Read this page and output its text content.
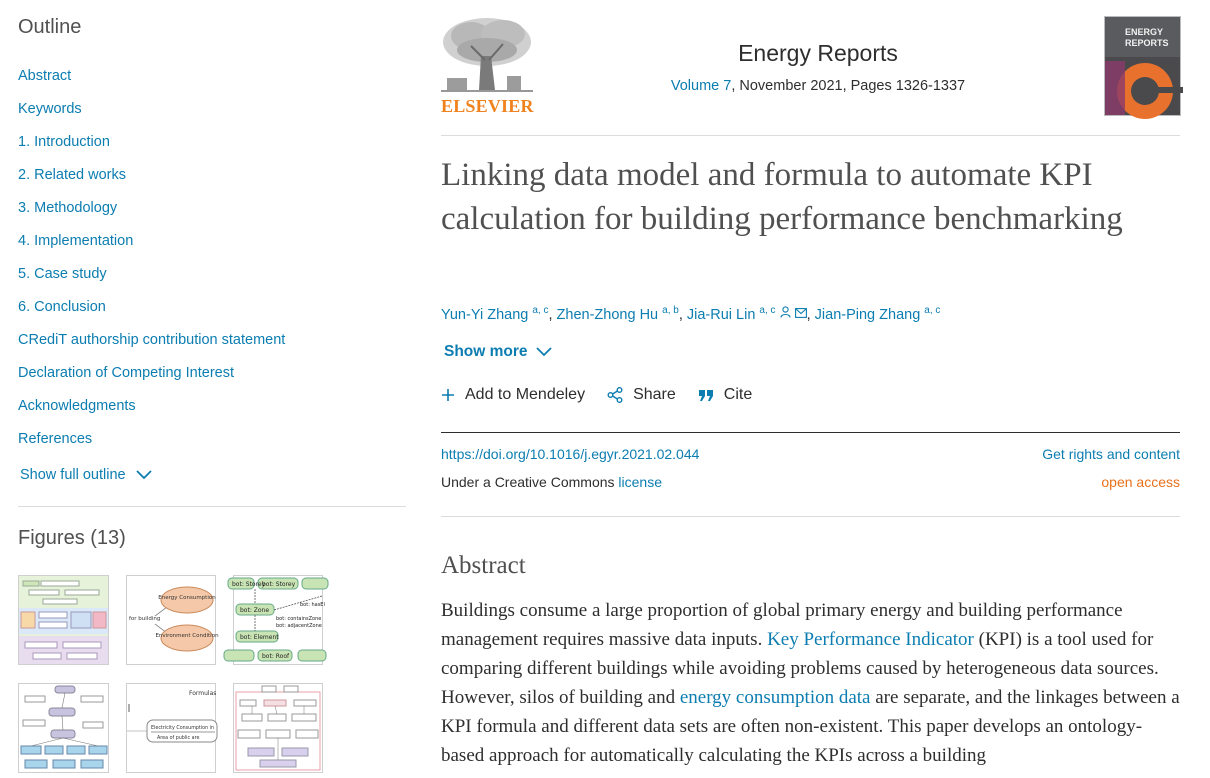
Outline
Abstract
Keywords
1. Introduction
2. Related works
3. Methodology
4. Implementation
5. Case study
6. Conclusion
CRediT authorship contribution statement
Declaration of Competing Interest
Acknowledgments
References
Show full outline
Figures (13)
Energy Consumption
Environment Condition
for building
bot: Storey
bot: Storey
bot: Zone
bot: Element
bot: Roof
bot: hasEl
bot: containsZone
bot: adjacentZone
Formulas
Electricity Consumption in
Area of public are
ELSEVIER
Energy Reports
Volume 7, November 2021, Pages 1326-1337
ENERGY
REPORTS
Linking data model and formula to automate KPI calculation for building performance benchmarking
Yun-Yi Zhang $^{a, c}$, Zhen-Zhong Hu $^{a, b}$, Jia-Rui Lin $^{a, c}$ , Jian-Ping Zhang $^{a, c}$
Show more
Add to Mendeley	Share	Cite
https://doi.org/10.1016/j.egyr.2021.02.044	Get rights and content
Under a Creative Commons license	open access
Abstract

Buildings consume a large proportion of global primary energy and building performance management requires massive data inputs. Key Performance Indicator (KPI) is a tool used for comparing different buildings while avoiding problems caused by heterogeneous data sources. However, silos of building and energy consumption data are separate, and the linkages between a KPI formula and different data sets are often non-existent. This paper develops an ontology-based approach for automatically calculating the KPIs across a building
